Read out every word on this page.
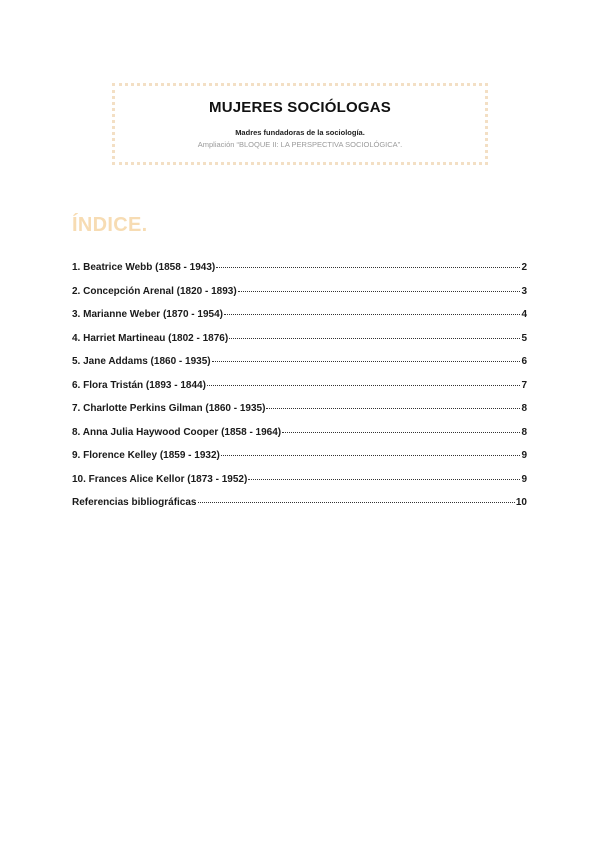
MUJERES SOCIÓLOGAS

Madres fundadoras de la sociología.

Ampliación “BLOQUE II: LA PERSPECTIVA SOCIOLÓGICA”.

ÍNDICE.
1. Beatrice Webb (1858 - 1943)	2
2. Concepción Arenal (1820 - 1893)	3
3. Marianne Weber (1870 - 1954)	4
4. Harriet Martineau (1802 - 1876)	5
5. Jane Addams (1860 - 1935)	6
6. Flora Tristán (1893 - 1844)	7
7. Charlotte Perkins Gilman (1860 - 1935)	8
8. Anna Julia Haywood Cooper (1858 - 1964)	8
9. Florence Kelley (1859 - 1932)	9
10. Frances Alice Kellor (1873 - 1952)	9
Referencias bibliográficas	10
